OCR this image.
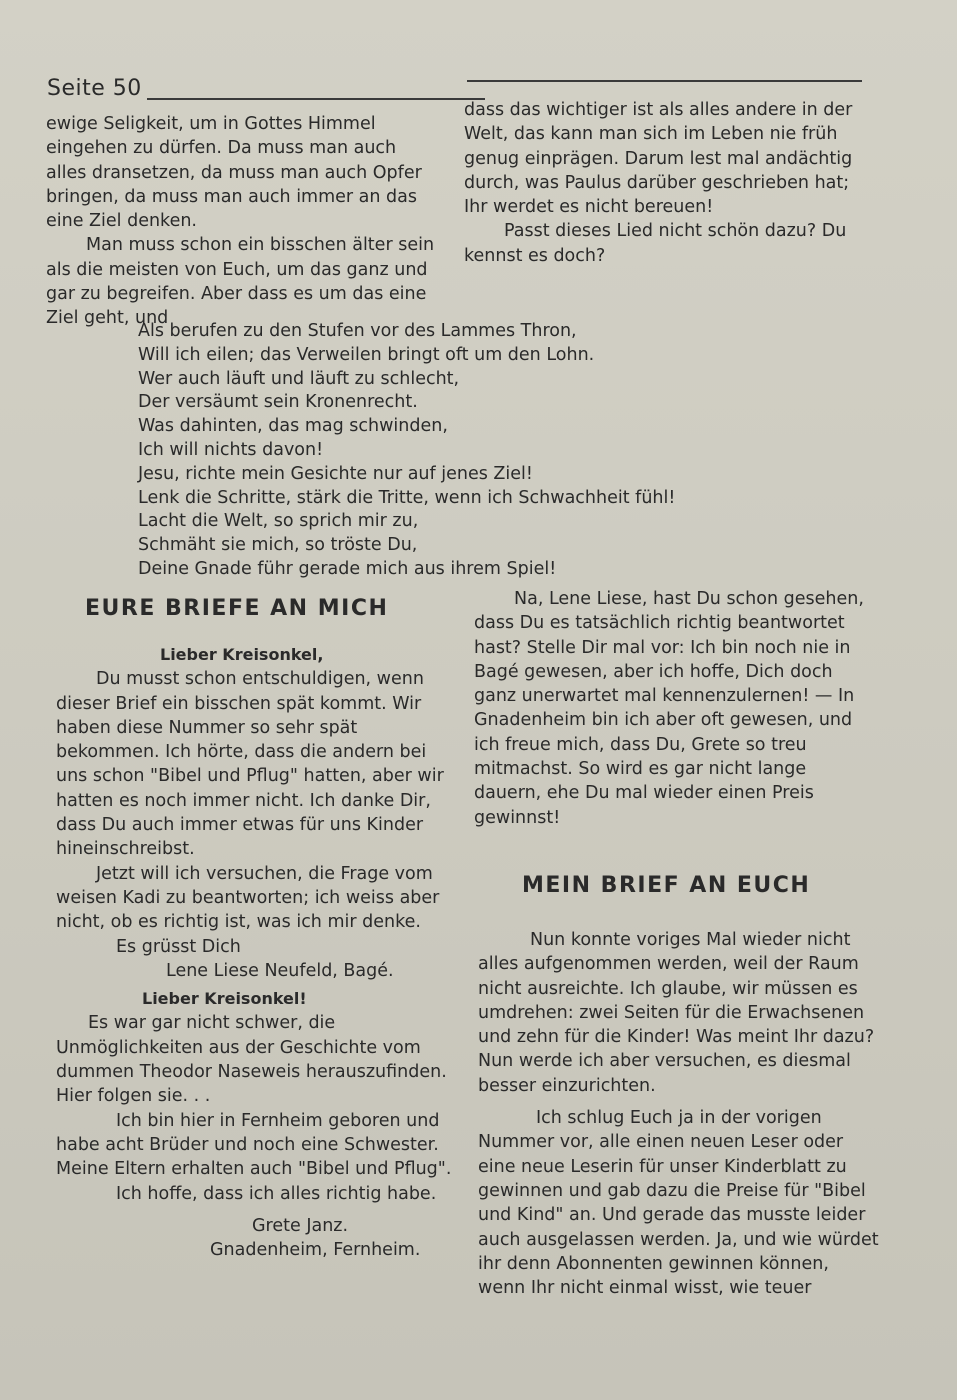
Seite 50

ewige Seligkeit, um in Gottes Himmel eingehen zu dürfen. Da muss man auch alles dransetzen, da muss man auch Opfer bringen, da muss man auch immer an das eine Ziel denken.

Man muss schon ein bisschen älter sein als die meisten von Euch, um das ganz und gar zu begreifen. Aber dass es um das eine Ziel geht, und

dass das wichtiger ist als alles andere in der Welt, das kann man sich im Leben nie früh genug einprägen. Darum lest mal andächtig durch, was Paulus darüber geschrieben hat; Ihr werdet es nicht bereuen!

Passt dieses Lied nicht schön dazu? Du kennst es doch?

Als berufen zu den Stufen vor des Lammes Thron,
Will ich eilen; das Verweilen bringt oft um den Lohn.
Wer auch läuft und läuft zu schlecht,
Der versäumt sein Kronenrecht.
Was dahinten, das mag schwinden,
Ich will nichts davon!
Jesu, richte mein Gesichte nur auf jenes Ziel!
Lenk die Schritte, stärk die Tritte, wenn ich Schwachheit fühl!
Lacht die Welt, so sprich mir zu,
Schmäht sie mich, so tröste Du,
Deine Gnade führ gerade mich aus ihrem Spiel!
EURE BRIEFE AN MICH

Lieber Kreisonkel,

Du musst schon entschuldigen, wenn dieser Brief ein bisschen spät kommt. Wir haben diese Nummer so sehr spät bekommen. Ich hörte, dass die andern bei uns schon "Bibel und Pflug" hatten, aber wir hatten es noch immer nicht. Ich danke Dir, dass Du auch immer etwas für uns Kinder hineinschreibst.

Jetzt will ich versuchen, die Frage vom weisen Kadi zu beantworten; ich weiss aber nicht, ob es richtig ist, was ich mir denke.

Es grüsst Dich

Lene Liese Neufeld, Bagé.

Lieber Kreisonkel!

Es war gar nicht schwer, die Unmöglichkeiten aus der Geschichte vom dummen Theodor Naseweis herauszufinden. Hier folgen sie. . .

Ich bin hier in Fernheim geboren und habe acht Brüder und noch eine Schwester. Meine Eltern erhalten auch "Bibel und Pflug".

Ich hoffe, dass ich alles richtig habe.

Grete Janz.

Gnadenheim, Fernheim.

Na, Lene Liese, hast Du schon gesehen, dass Du es tatsächlich richtig beantwortet hast? Stelle Dir mal vor: Ich bin noch nie in Bagé gewesen, aber ich hoffe, Dich doch ganz unerwartet mal kennenzulernen! — In Gnadenheim bin ich aber oft gewesen, und ich freue mich, dass Du, Grete so treu mitmachst. So wird es gar nicht lange dauern, ehe Du mal wieder einen Preis gewinnst!

MEIN BRIEF AN EUCH

Nun konnte voriges Mal wieder nicht alles aufgenommen werden, weil der Raum nicht ausreichte. Ich glaube, wir müssen es umdrehen: zwei Seiten für die Erwachsenen und zehn für die Kinder! Was meint Ihr dazu? Nun werde ich aber versuchen, es diesmal besser einzurichten.

Ich schlug Euch ja in der vorigen Nummer vor, alle einen neuen Leser oder eine neue Leserin für unser Kinderblatt zu gewinnen und gab dazu die Preise für "Bibel und Kind" an. Und gerade das musste leider auch ausgelassen werden. Ja, und wie würdet ihr denn Abonnenten gewinnen können, wenn Ihr nicht einmal wisst, wie teuer
